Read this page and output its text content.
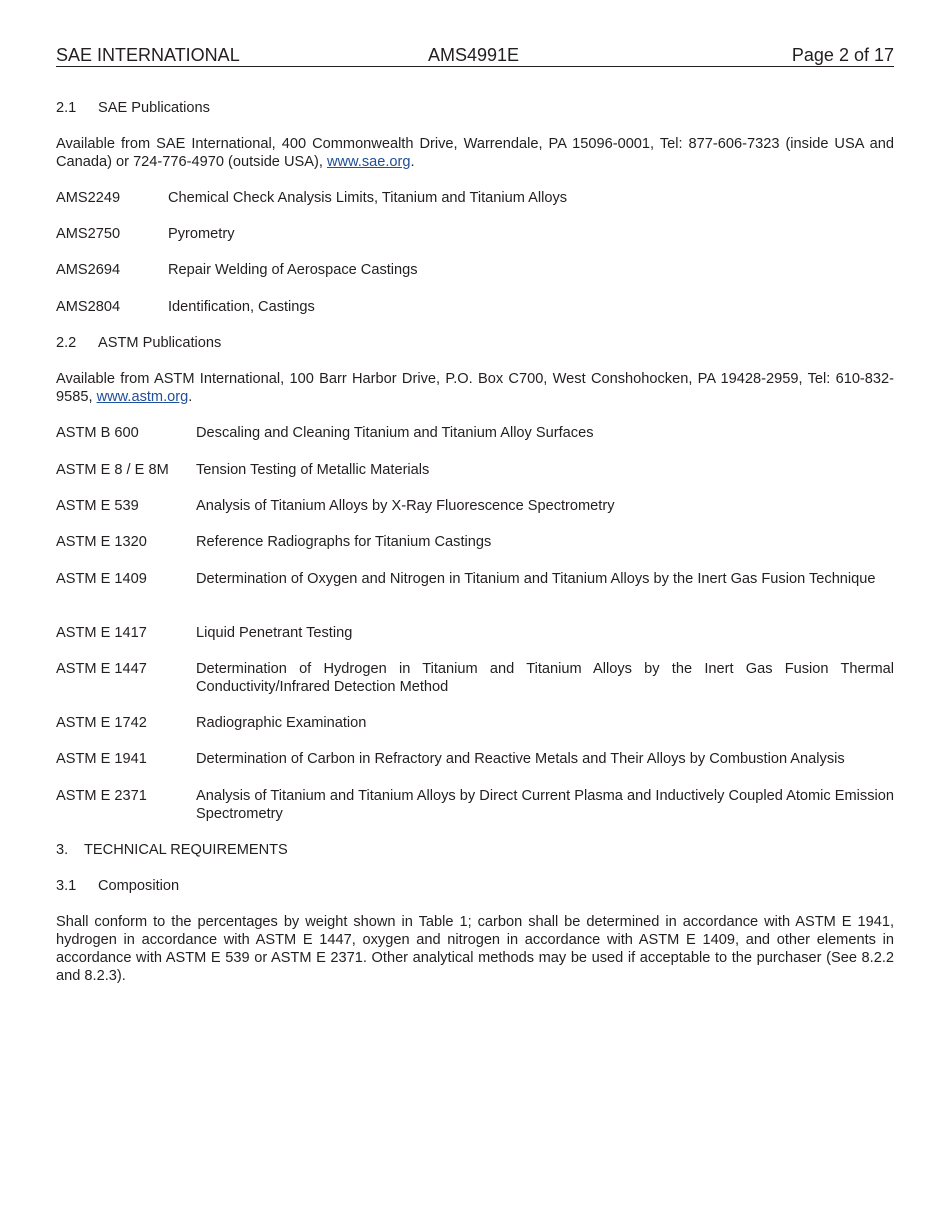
SAE INTERNATIONAL	AMS4991E	Page 2 of 17
2.1 SAE Publications
Available from SAE International, 400 Commonwealth Drive, Warrendale, PA 15096-0001, Tel: 877-606-7323 (inside USA and Canada) or 724-776-4970 (outside USA), www.sae.org.
AMS2249	Chemical Check Analysis Limits, Titanium and Titanium Alloys
AMS2750	Pyrometry
AMS2694	Repair Welding of Aerospace Castings
AMS2804	Identification, Castings
2.2 ASTM Publications
Available from ASTM International, 100 Barr Harbor Drive, P.O. Box C700, West Conshohocken, PA 19428-2959, Tel: 610-832-9585, www.astm.org.
ASTM B 600	Descaling and Cleaning Titanium and Titanium Alloy Surfaces
ASTM E 8 / E 8M Tension Testing of Metallic Materials
ASTM E 539	Analysis of Titanium Alloys by X-Ray Fluorescence Spectrometry
ASTM E 1320	Reference Radiographs for Titanium Castings
ASTM E 1409	Determination of Oxygen and Nitrogen in Titanium and Titanium Alloys by the Inert Gas Fusion Technique
ASTM E 1417	Liquid Penetrant Testing
ASTM E 1447	Determination of Hydrogen in Titanium and Titanium Alloys by the Inert Gas Fusion Thermal Conductivity/Infrared Detection Method
ASTM E 1742	Radiographic Examination
ASTM E 1941	Determination of Carbon in Refractory and Reactive Metals and Their Alloys by Combustion Analysis
ASTM E 2371	Analysis of Titanium and Titanium Alloys by Direct Current Plasma and Inductively Coupled Atomic Emission Spectrometry
3. TECHNICAL REQUIREMENTS
3.1 Composition
Shall conform to the percentages by weight shown in Table 1; carbon shall be determined in accordance with ASTM E 1941, hydrogen in accordance with ASTM E 1447, oxygen and nitrogen in accordance with ASTM E 1409, and other elements in accordance with ASTM E 539 or ASTM E 2371. Other analytical methods may be used if acceptable to the purchaser (See 8.2.2 and 8.2.3).
